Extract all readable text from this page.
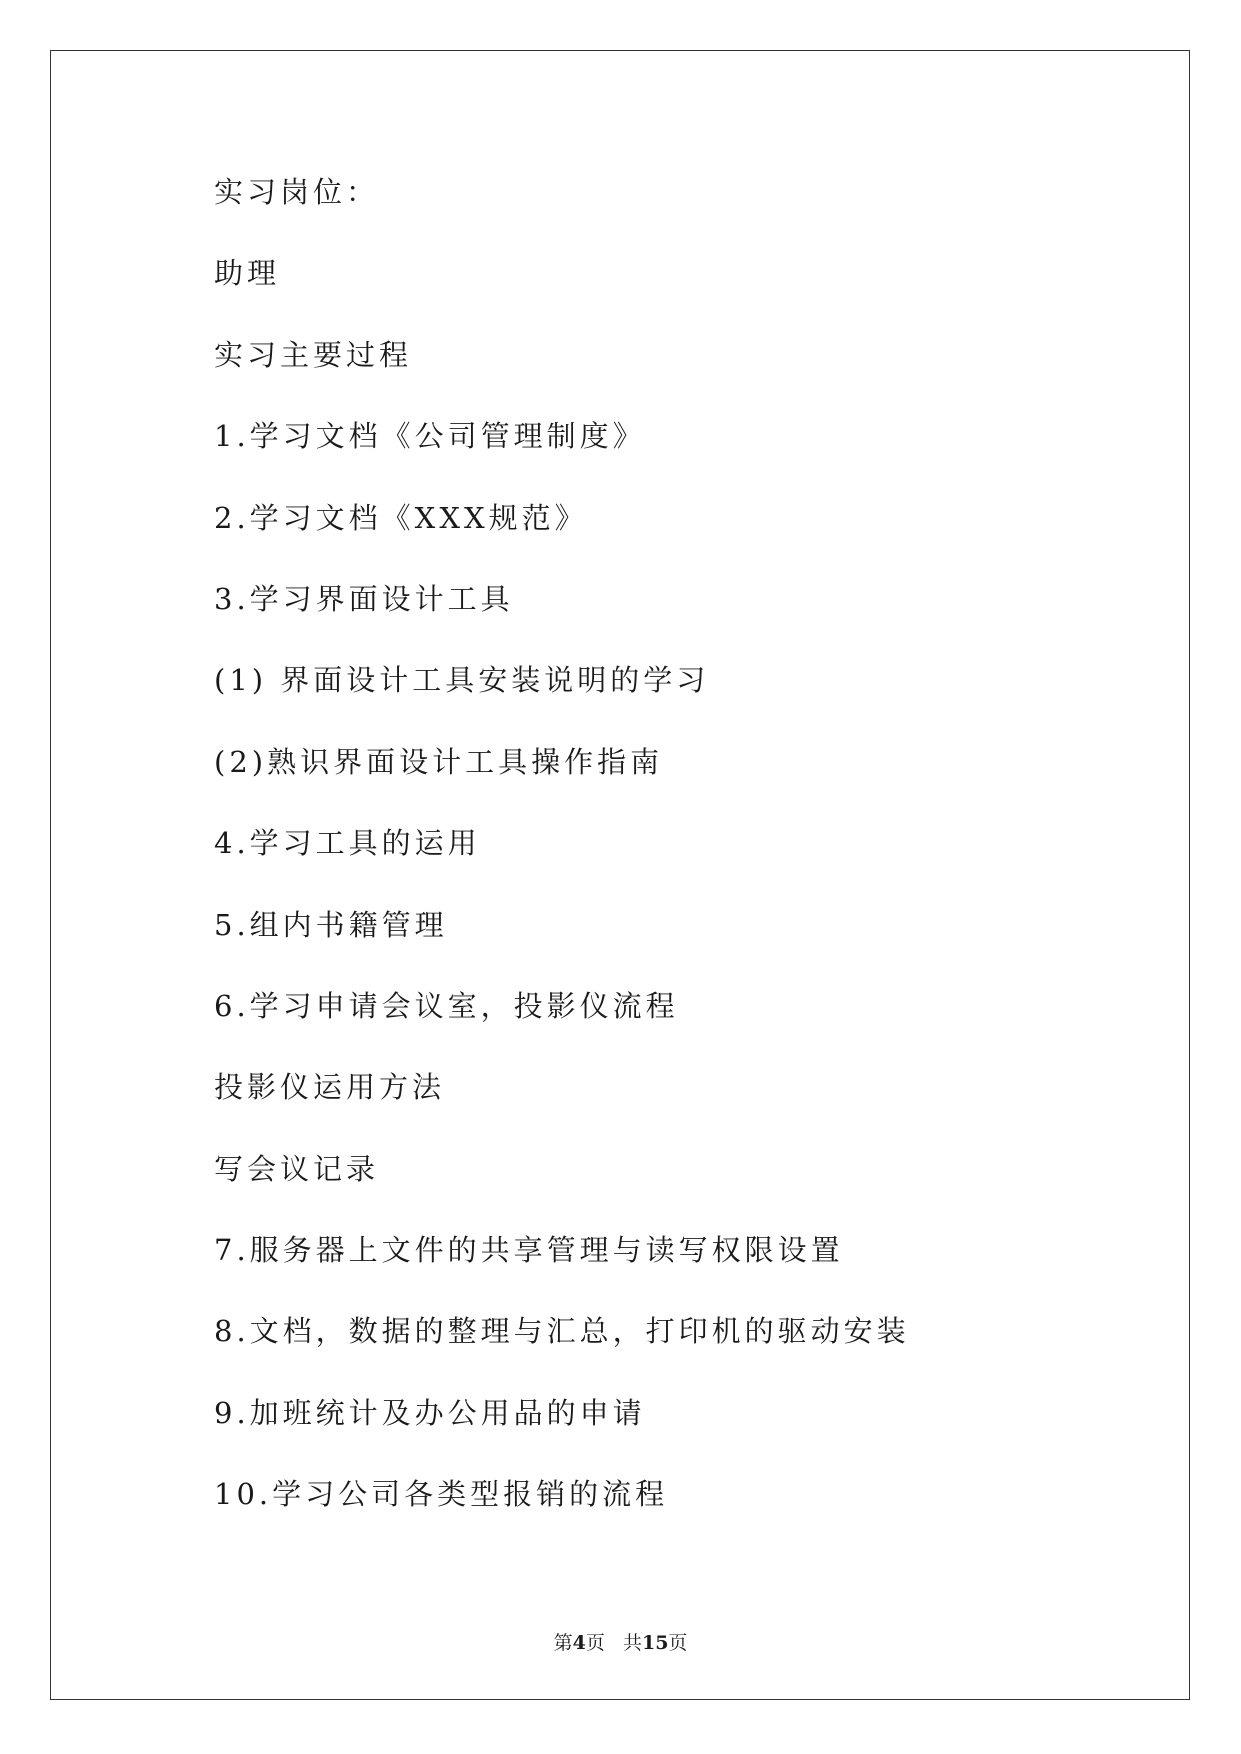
实习岗位：
助理
实习主要过程
1.学习文档《公司管理制度》
2.学习文档《XXX规范》
3.学习界面设计工具
(1) 界面设计工具安装说明的学习
(2)熟识界面设计工具操作指南
4.学习工具的运用
5.组内书籍管理
6.学习申请会议室，投影仪流程
投影仪运用方法
写会议记录
7.服务器上文件的共享管理与读写权限设置
8.文档，数据的整理与汇总，打印机的驱动安装
9.加班统计及办公用品的申请
10.学习公司各类型报销的流程
第4页 共15页
